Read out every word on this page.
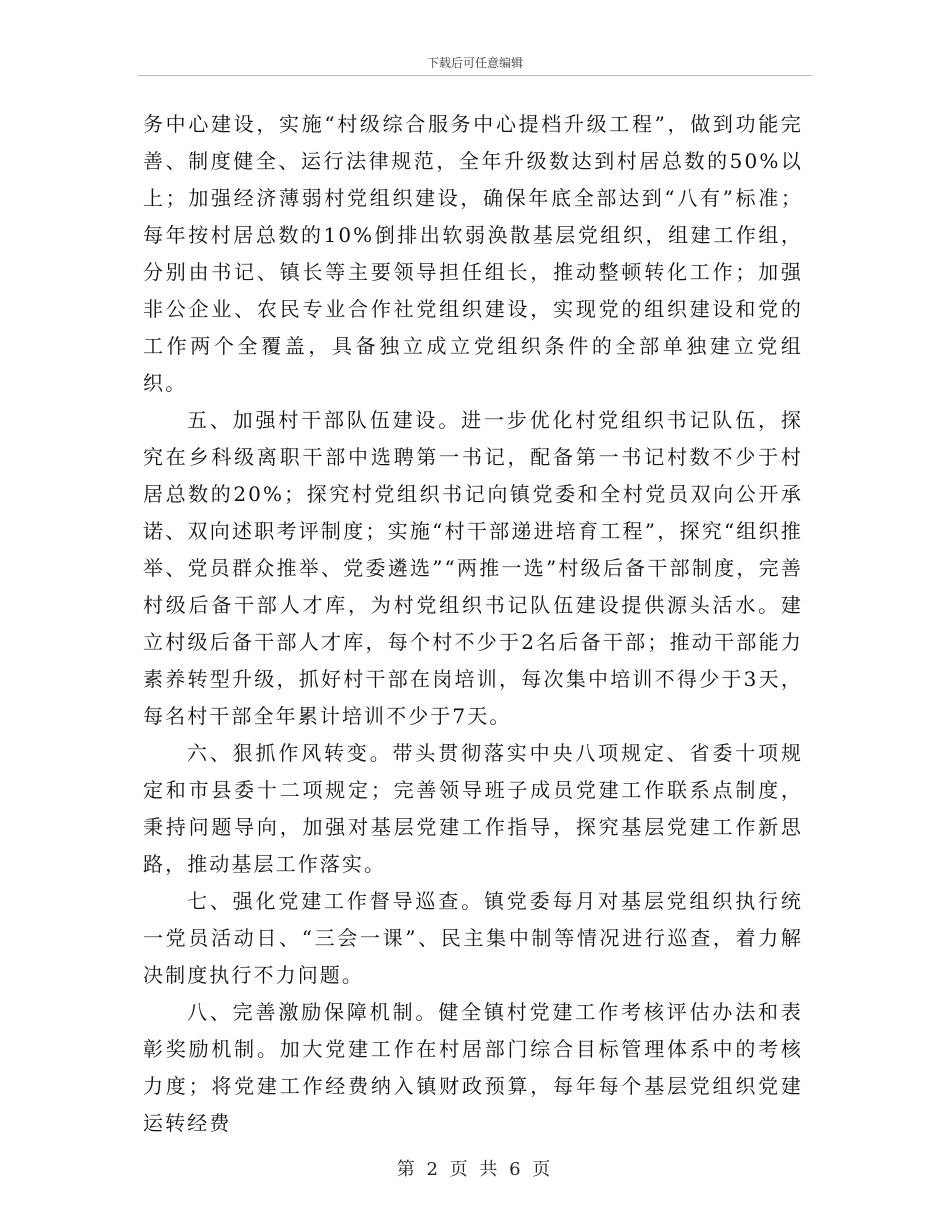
下载后可任意编辑

务中心建设，实施“村级综合服务中心提档升级工程”，做到功能完善、制度健全、运行法律规范，全年升级数达到村居总数的50%以上；加强经济薄弱村党组织建设，确保年底全部达到“八有”标准；每年按村居总数的10%倒排出软弱涣散基层党组织，组建工作组，分别由书记、镇长等主要领导担任组长，推动整顿转化工作；加强非公企业、农民专业合作社党组织建设，实现党的组织建设和党的工作两个全覆盖，具备独立成立党组织条件的全部单独建立党组织。

五、加强村干部队伍建设。进一步优化村党组织书记队伍，探究在乡科级离职干部中选聘第一书记，配备第一书记村数不少于村居总数的20%；探究村党组织书记向镇党委和全村党员双向公开承诺、双向述职考评制度；实施“村干部递进培育工程”，探究“组织推举、党员群众推举、党委遴选”“两推一选”村级后备干部制度，完善村级后备干部人才库，为村党组织书记队伍建设提供源头活水。建立村级后备干部人才库，每个村不少于2名后备干部；推动干部能力素养转型升级，抓好村干部在岗培训，每次集中培训不得少于3天，每名村干部全年累计培训不少于7天。

六、狠抓作风转变。带头贯彻落实中央八项规定、省委十项规定和市县委十二项规定；完善领导班子成员党建工作联系点制度，秉持问题导向，加强对基层党建工作指导，探究基层党建工作新思路，推动基层工作落实。

七、强化党建工作督导巡查。镇党委每月对基层党组织执行统一党员活动日、“三会一课”、民主集中制等情况进行巡查，着力解决制度执行不力问题。

八、完善激励保障机制。健全镇村党建工作考核评估办法和表彰奖励机制。加大党建工作在村居部门综合目标管理体系中的考核力度；将党建工作经费纳入镇财政预算，每年每个基层党组织党建运转经费

第 2 页 共 6 页
